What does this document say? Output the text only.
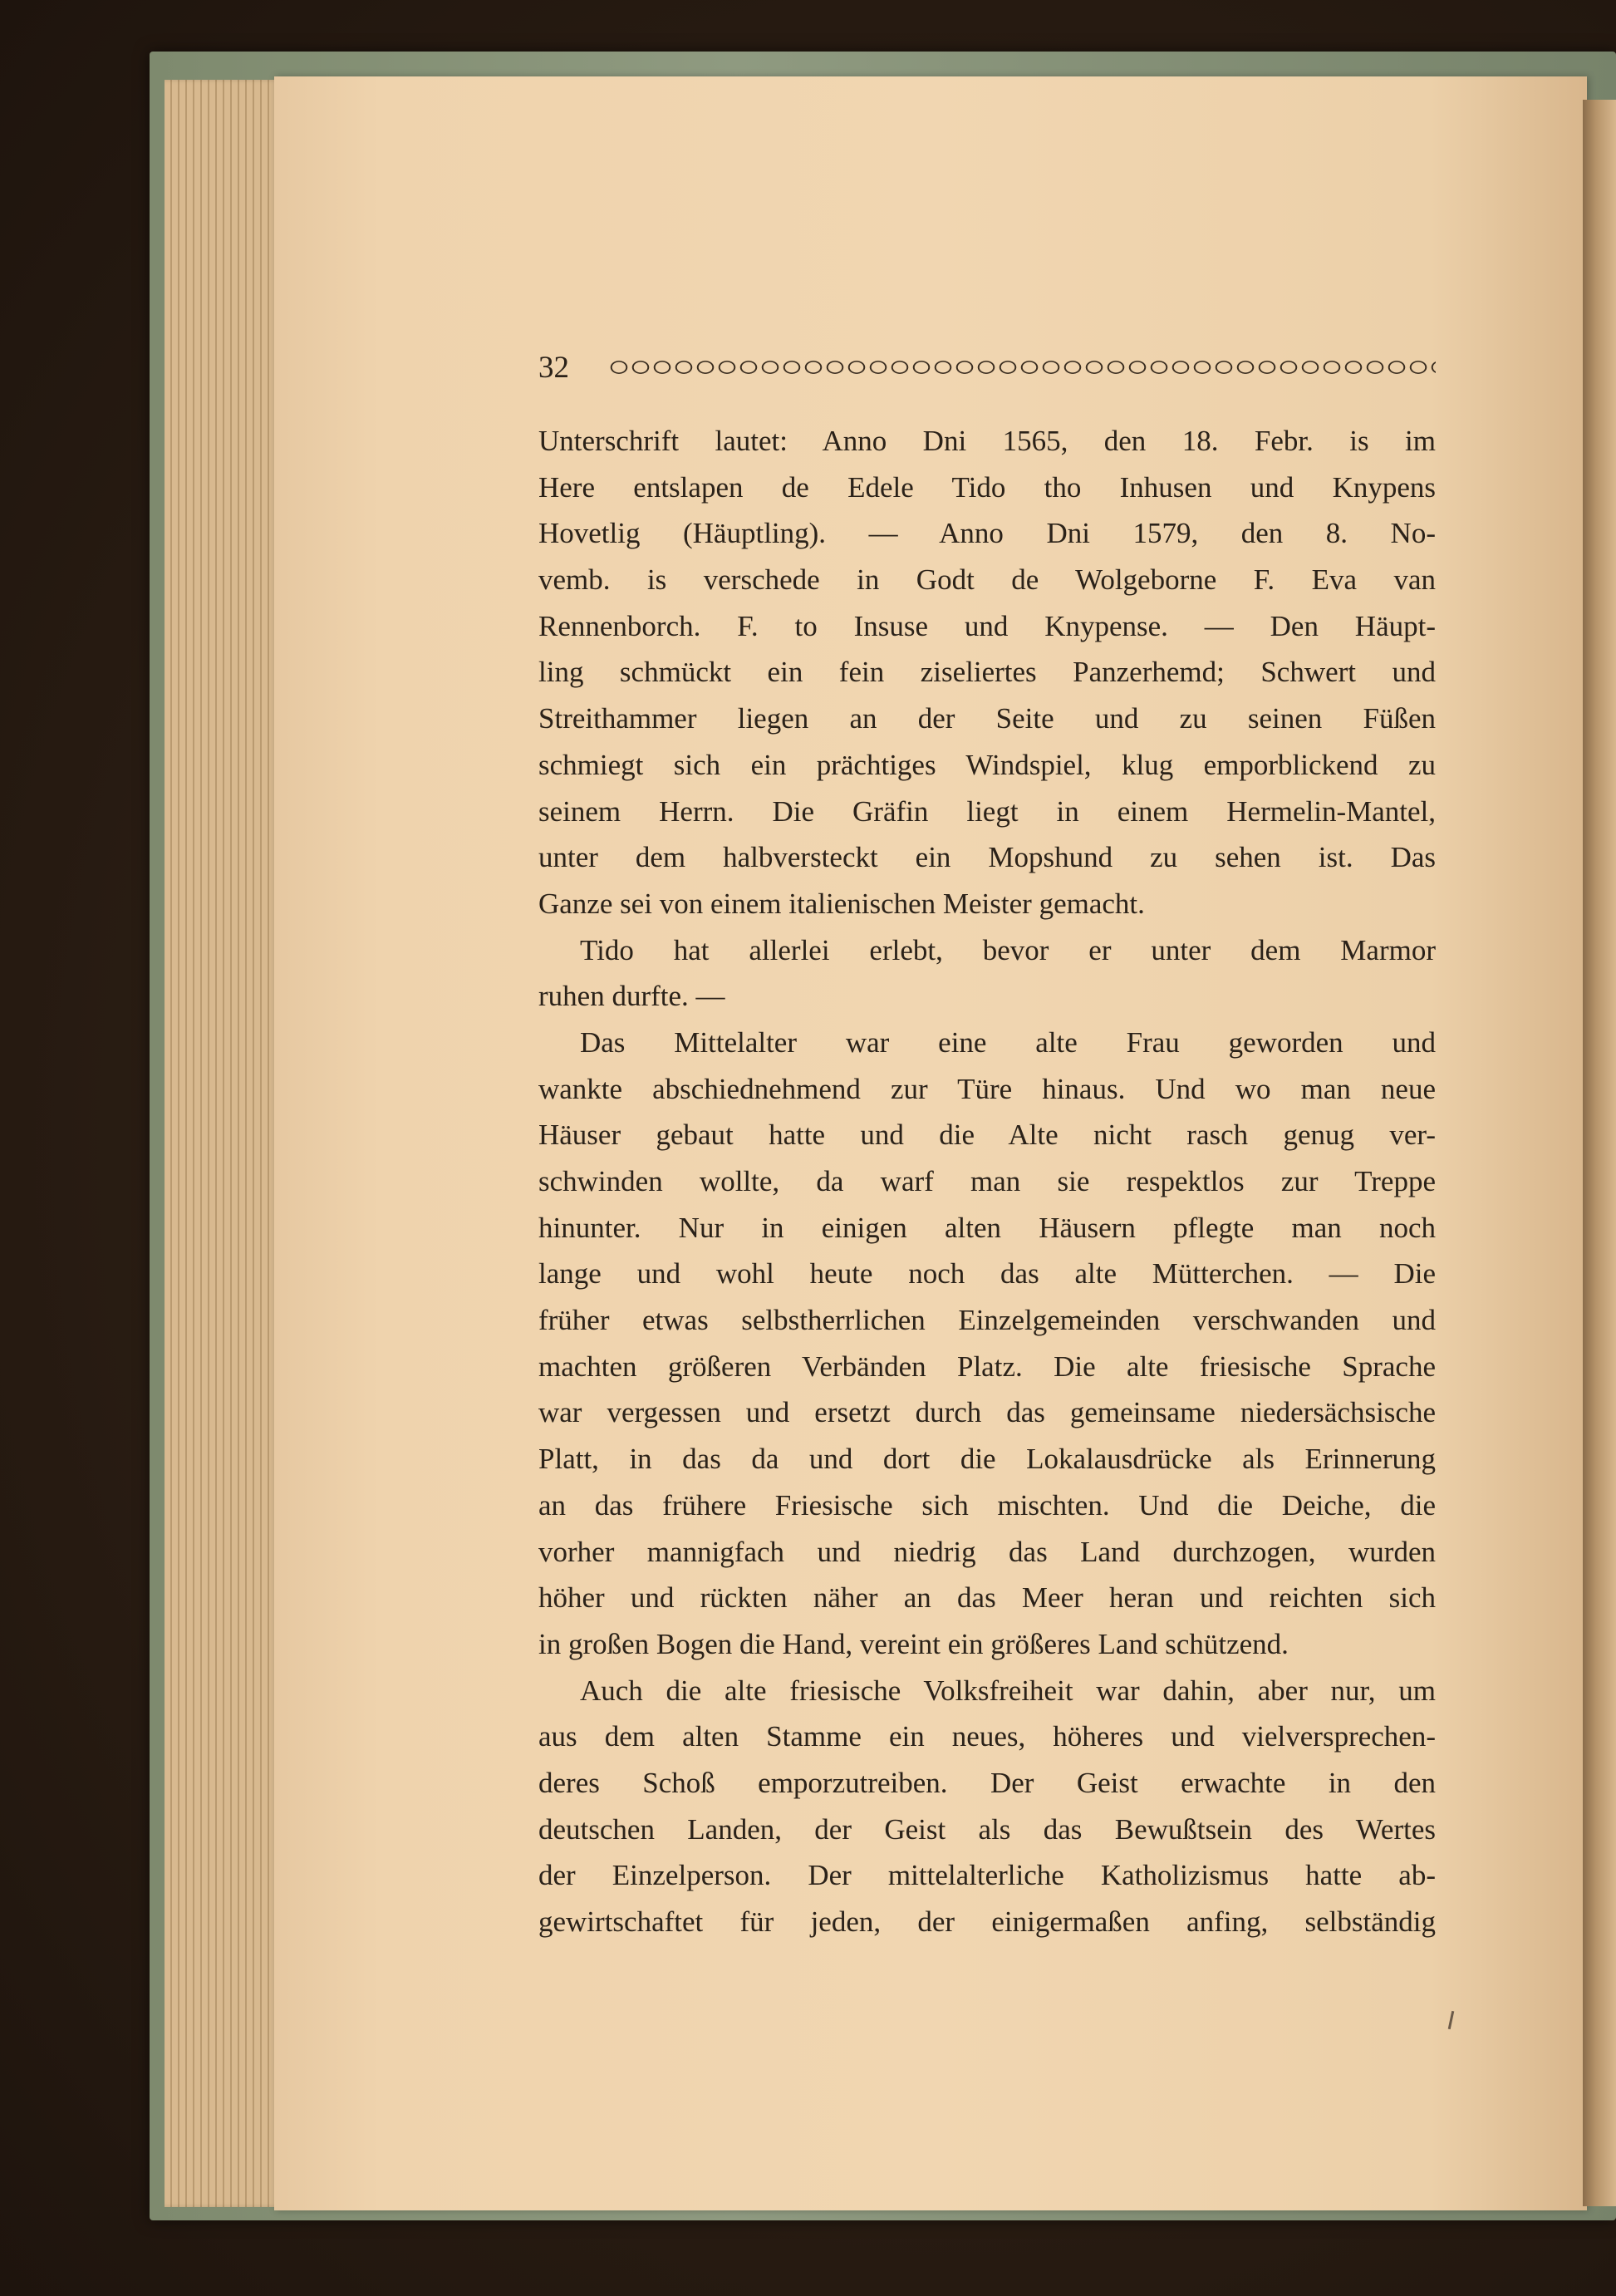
32
Unterschrift lautet: Anno Dni 1565, den 18. Febr. is im
Here entslapen de Edele Tido tho Inhusen und Knypens
Hovetlig (Häuptling). — Anno Dni 1579, den 8. No-
vemb. is verschede in Godt de Wolgeborne F. Eva van
Rennenborch. F. to Insuse und Knypense. — Den Häupt-
ling schmückt ein fein ziseliertes Panzerhemd; Schwert und
Streithammer liegen an der Seite und zu seinen Füßen
schmiegt sich ein prächtiges Windspiel, klug emporblickend zu
seinem Herrn. Die Gräfin liegt in einem Hermelin-Mantel,
unter dem halbversteckt ein Mopshund zu sehen ist. Das
Ganze sei von einem italienischen Meister gemacht.
Tido hat allerlei erlebt, bevor er unter dem Marmor
ruhen durfte. —
Das Mittelalter war eine alte Frau geworden und
wankte abschiednehmend zur Türe hinaus. Und wo man neue
Häuser gebaut hatte und die Alte nicht rasch genug ver-
schwinden wollte, da warf man sie respektlos zur Treppe
hinunter. Nur in einigen alten Häusern pflegte man noch
lange und wohl heute noch das alte Mütterchen. — Die
früher etwas selbstherrlichen Einzelgemeinden verschwanden und
machten größeren Verbänden Platz. Die alte friesische Sprache
war vergessen und ersetzt durch das gemeinsame niedersächsische
Platt, in das da und dort die Lokalausdrücke als Erinnerung
an das frühere Friesische sich mischten. Und die Deiche, die
vorher mannigfach und niedrig das Land durchzogen, wurden
höher und rückten näher an das Meer heran und reichten sich
in großen Bogen die Hand, vereint ein größeres Land schützend.
Auch die alte friesische Volksfreiheit war dahin, aber nur, um
aus dem alten Stamme ein neues, höheres und vielversprechen-
deres Schoß emporzutreiben. Der Geist erwachte in den
deutschen Landen, der Geist als das Bewußtsein des Wertes
der Einzelperson. Der mittelalterliche Katholizismus hatte ab-
gewirtschaftet für jeden, der einigermaßen anfing, selbständig
